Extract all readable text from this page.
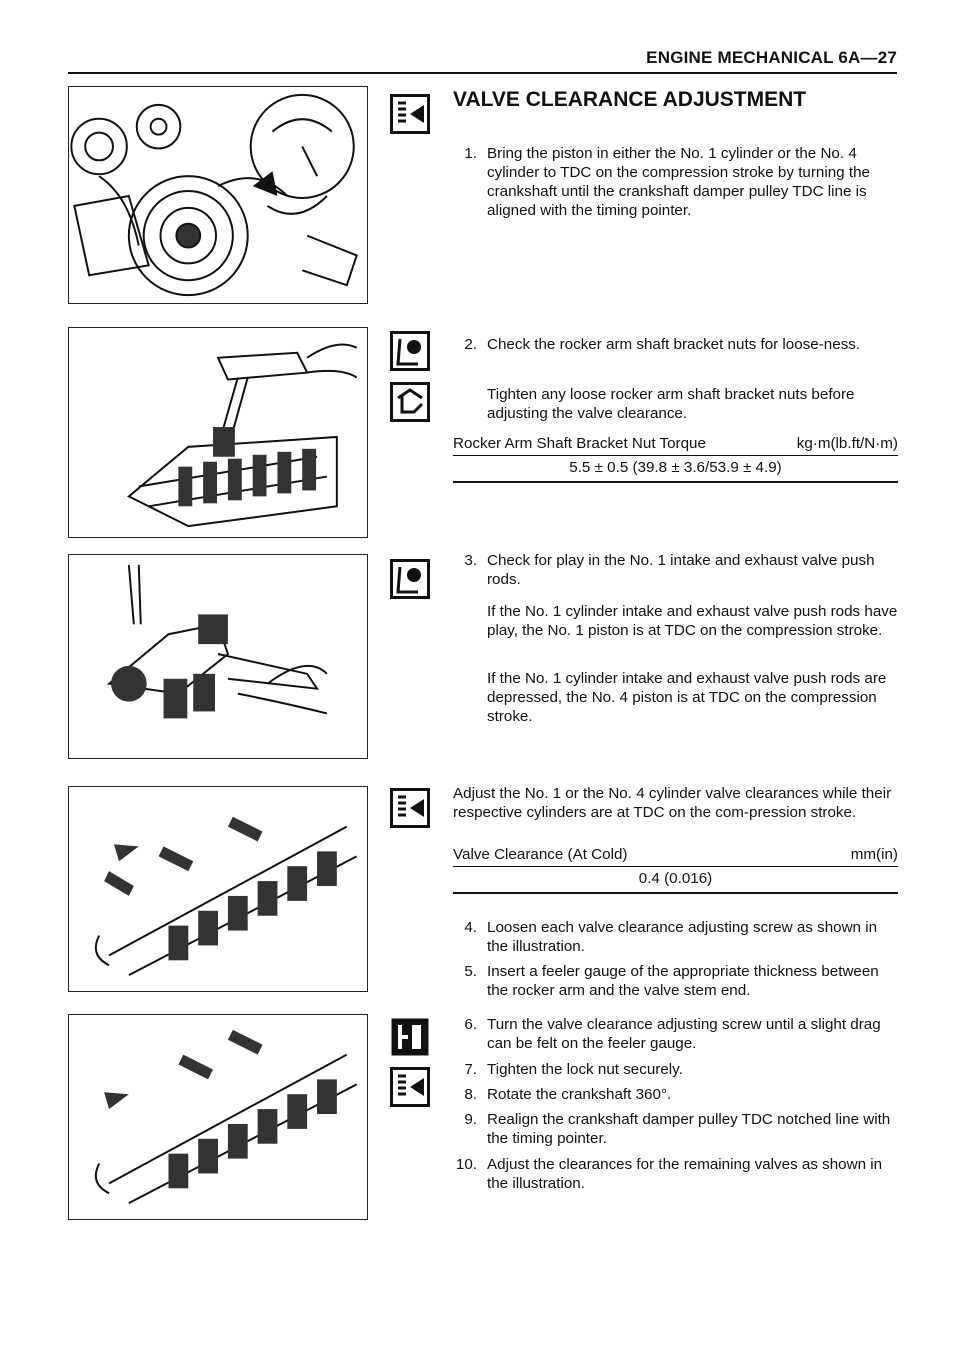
ENGINE MECHANICAL 6A—27
VALVE CLEARANCE ADJUSTMENT
1. Bring the piston in either the No. 1 cylinder or the No. 4 cylinder to TDC on the compression stroke by turning the crankshaft until the crankshaft damper pulley TDC line is aligned with the timing pointer.
2. Check the rocker arm shaft bracket nuts for loose-ness.
Tighten any loose rocker arm shaft bracket nuts before adjusting the valve clearance.
Rocker Arm Shaft Bracket Nut Torque	kg·m(lb.ft/N·m)
5.5 ± 0.5 (39.8 ± 3.6/53.9 ± 4.9)
3. Check for play in the No. 1 intake and exhaust valve push rods.
If the No. 1 cylinder intake and exhaust valve push rods have play, the No. 1 piston is at TDC on the compression stroke.
If the No. 1 cylinder intake and exhaust valve push rods are depressed, the No. 4 piston is at TDC on the compression stroke.
Adjust the No. 1 or the No. 4 cylinder valve clearances while their respective cylinders are at TDC on the com-pression stroke.
Valve Clearance (At Cold)	mm(in)
0.4 (0.016)
4. Loosen each valve clearance adjusting screw as shown in the illustration.
5. Insert a feeler gauge of the appropriate thickness between the rocker arm and the valve stem end.
6. Turn the valve clearance adjusting screw until a slight drag can be felt on the feeler gauge.
7. Tighten the lock nut securely.
8. Rotate the crankshaft 360°.
9. Realign the crankshaft damper pulley TDC notched line with the timing pointer.
10. Adjust the clearances for the remaining valves as shown in the illustration.
